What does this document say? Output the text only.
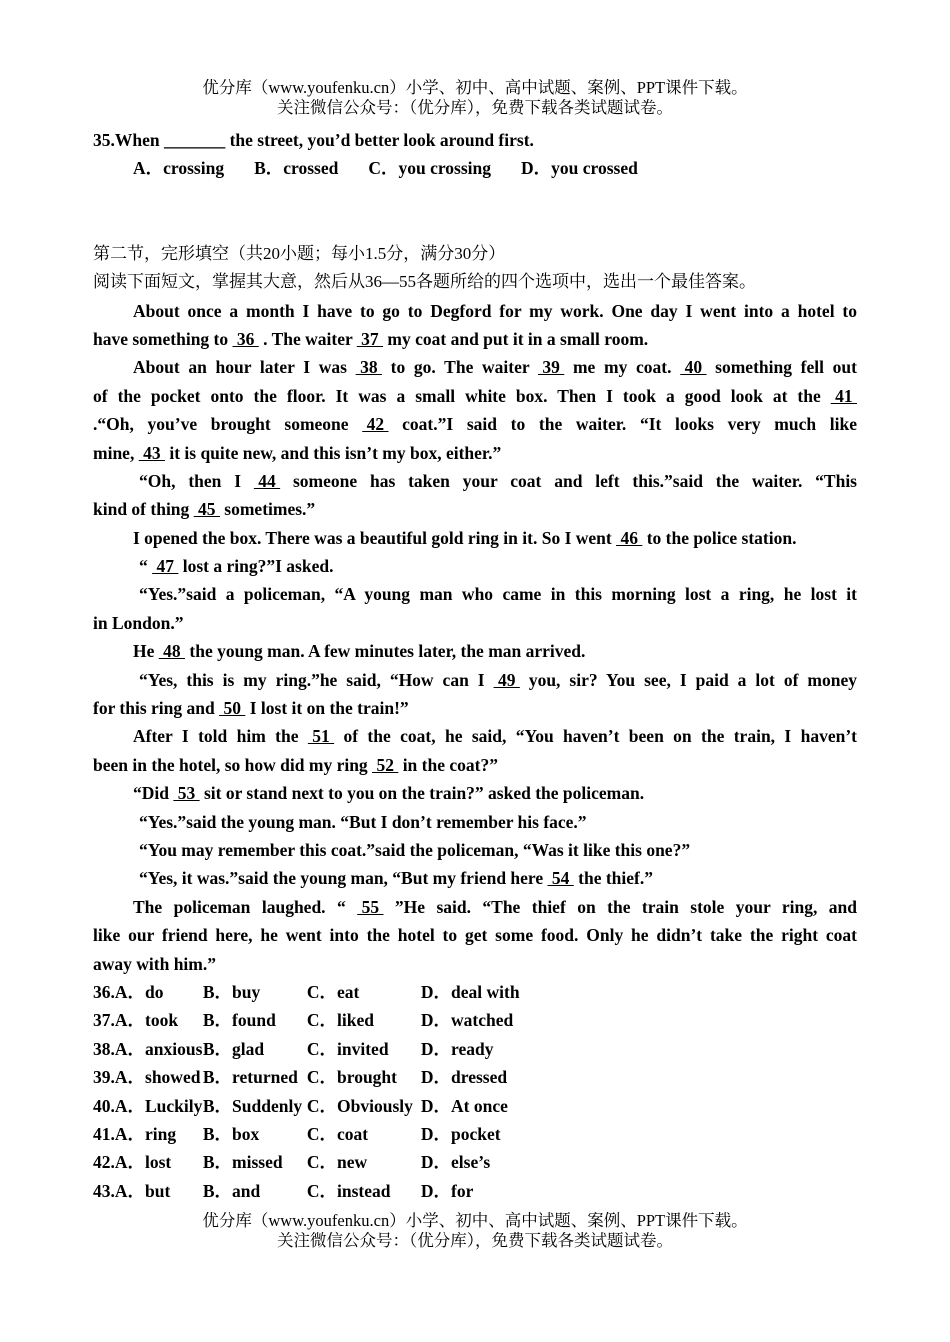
优分库（www.youfenku.cn）小学、初中、高中试题、案例、PPT课件下载。
关注微信公众号：（优分库），免费下载各类试题试卷。
35.When _______ the street, you’d better look around first.
A．crossing B．crossed C．you crossing D．you crossed
第二节，完形填空（共20小题；每小1.5分，满分30分）
阅读下面短文，掌握其大意，然后从36—55各题所给的四个选项中，选出一个最佳答案。
About once a month I have to go to Degford for my work. One day I went into a hotel to
have something to  36  . The waiter  37  my coat and put it in a small room.
About an hour later I was  38  to go. The waiter  39  me my coat.  40  something fell out
of the pocket onto the floor. It was a small white box. Then I took a good look at the  41
.“Oh, you’ve brought someone  42  coat.”I said to the waiter. “It looks very much like
mine,  43  it is quite new, and this isn’t my box, either.”
“Oh, then I  44  someone has taken your coat and left this.”said the waiter. “This
kind of thing  45  sometimes.”
I opened the box. There was a beautiful gold ring in it. So I went  46  to the police station.
“  47  lost a ring?”I asked.
“Yes.”said a policeman, “A young man who came in this morning lost a ring, he lost it
in London.”
He  48  the young man. A few minutes later, the man arrived.
“Yes, this is my ring.”he said, “How can I  49  you, sir? You see, I paid a lot of money
for this ring and  50  I lost it on the train!”
After I told him the  51  of the coat, he said, “You haven’t been on the train, I haven’t
been in the hotel, so how did my ring  52  in the coat?”
“Did  53  sit or stand next to you on the train?” asked the policeman.
“Yes.”said the young man. “But I don’t remember his face.”
“You may remember this coat.”said the policeman, “Was it like this one?”
“Yes, it was.”said the young man, “But my friend here  54  the thief.”
The policeman laughed. “  55  ”He said. “The thief on the train stole your ring, and
like our friend here, he went into the hotel to get some food. Only he didn’t take the right coat
away with him.”
36.A．do B．buy	C．eat	D．deal with
37.A．took B．found C．liked	D．watched
38.A．anxiousB．glad C．invited D．ready
39.A．showed B．returned C．brought D．dressed
40.A．LuckilyB．Suddenly C．Obviously D．At once
41.A．ring B．box	C．coat	D．pocket
42.A．lost B．missed C．new	D．else’s
43.A．but B．and	C．instead D．for
优分库（www.youfenku.cn）小学、初中、高中试题、案例、PPT课件下载。
关注微信公众号：（优分库），免费下载各类试题试卷。
